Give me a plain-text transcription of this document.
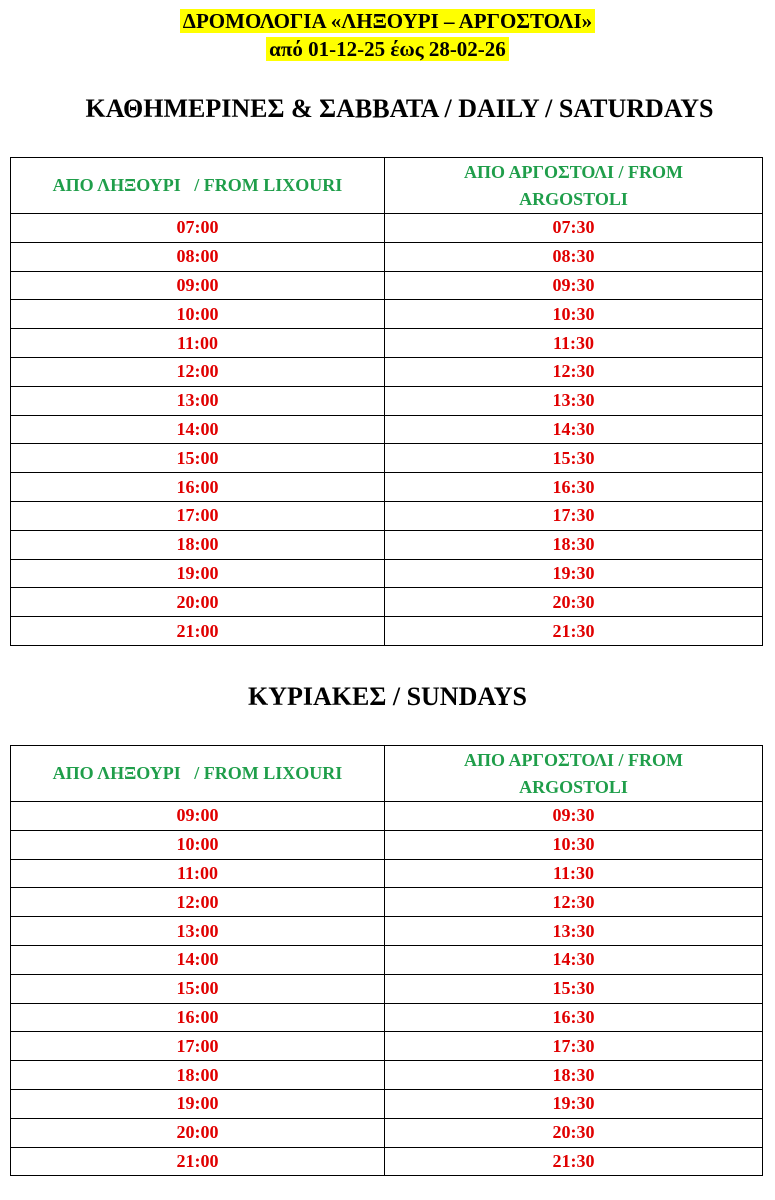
ΔΡΟΜΟΛΟΓΙΑ «ΛΗΞΟΥΡΙ – ΑΡΓΟΣΤΟΛΙ»
από 01-12-25 έως 28-02-26
ΚΑΘΗΜΕΡΙΝΕΣ & ΣΑΒΒΑΤΑ / DAILY / SATURDAYS
ΑΠΟ ΛΗΞΟΥΡΙ   / FROM LIXOURI	ΑΠΟ ΑΡΓΟΣΤΟΛΙ / FROM ARGOSTOLI
07:00	07:30
08:00	08:30
09:00	09:30
10:00	10:30
11:00	11:30
12:00	12:30
13:00	13:30
14:00	14:30
15:00	15:30
16:00	16:30
17:00	17:30
18:00	18:30
19:00	19:30
20:00	20:30
21:00	21:30
ΚΥΡΙΑΚΕΣ / SUNDAYS
ΑΠΟ ΛΗΞΟΥΡΙ   / FROM LIXOURI	ΑΠΟ ΑΡΓΟΣΤΟΛΙ / FROM ARGOSTOLI
09:00	09:30
10:00	10:30
11:00	11:30
12:00	12:30
13:00	13:30
14:00	14:30
15:00	15:30
16:00	16:30
17:00	17:30
18:00	18:30
19:00	19:30
20:00	20:30
21:00	21:30
